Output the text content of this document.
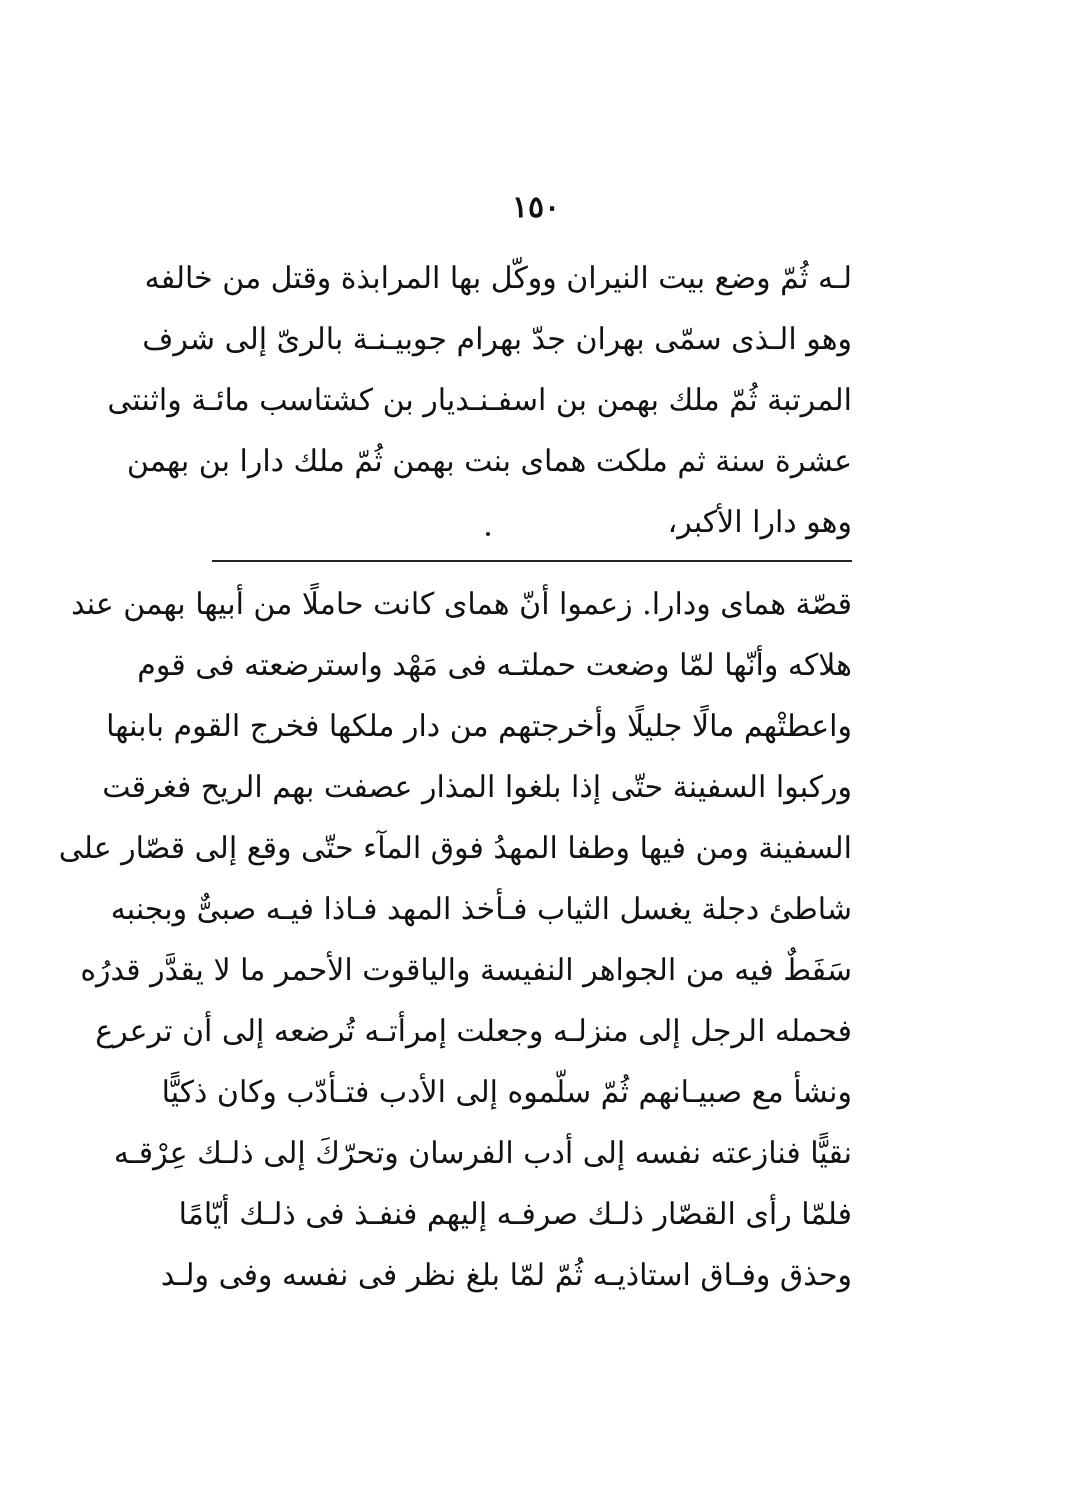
١٥٠
لـه ثُمّ وضع بيت النيران ووكّل بها المرابذة وقتل من خالفه
وهو الـذى سمّى بهران جدّ بهرام جوبيـنـة بالرىّ إلى شرف
المرتبة ثُمّ ملك بهمن بن اسفـنـديار بن كشتاسب مائـة واثنتى
عشرة سنة ثم ملكت هماى بنت بهمن ثُمّ ملك دارا بن بهمن
وهو دارا الأكبر،
قصّة هماى ودارا. زعموا أنّ هماى كانت حاملًا من أبيها بهمن عند
هلاكه وأنّها لمّا وضعت حملتـه فى مَهْد واسترضعته فى قوم
واعطتْهم مالًا جليلًا وأخرجتهم من دار ملكها فخرج القوم بابنها
وركبوا السفينة حتّى إذا بلغوا المذار عصفت بهم الريح فغرقت
السفينة ومن فيها وطفا المهدُ فوق المآء حتّى وقع إلى قصّار على
شاطئ دجلة يغسل الثياب فـأخذ المهد فـاذا فيـه صبىٌّ وبجنبه
سَفَطٌ فيه من الجواهر النفيسة والياقوت الأحمر ما لا يقدَّر قدرُه
فحمله الرجل إلى منزلـه وجعلت إمرأتـه تُرضعه إلى أن ترعرع
ونشأ مع صبيـانهم ثُمّ سلّموه إلى الأدب فتـأدّب وكان ذكيًّا
نقيًّا فنازعته نفسه إلى أدب الفرسان وتحرّكَ إلى ذلـك عِرْقـه
فلمّا رأى القصّار ذلـك صرفـه إليهم فنفـذ فى ذلـك أيّامًا
وحذق وفـاق استاذيـه ثُمّ لمّا بلغ نظر فى نفسه وفى ولـد
